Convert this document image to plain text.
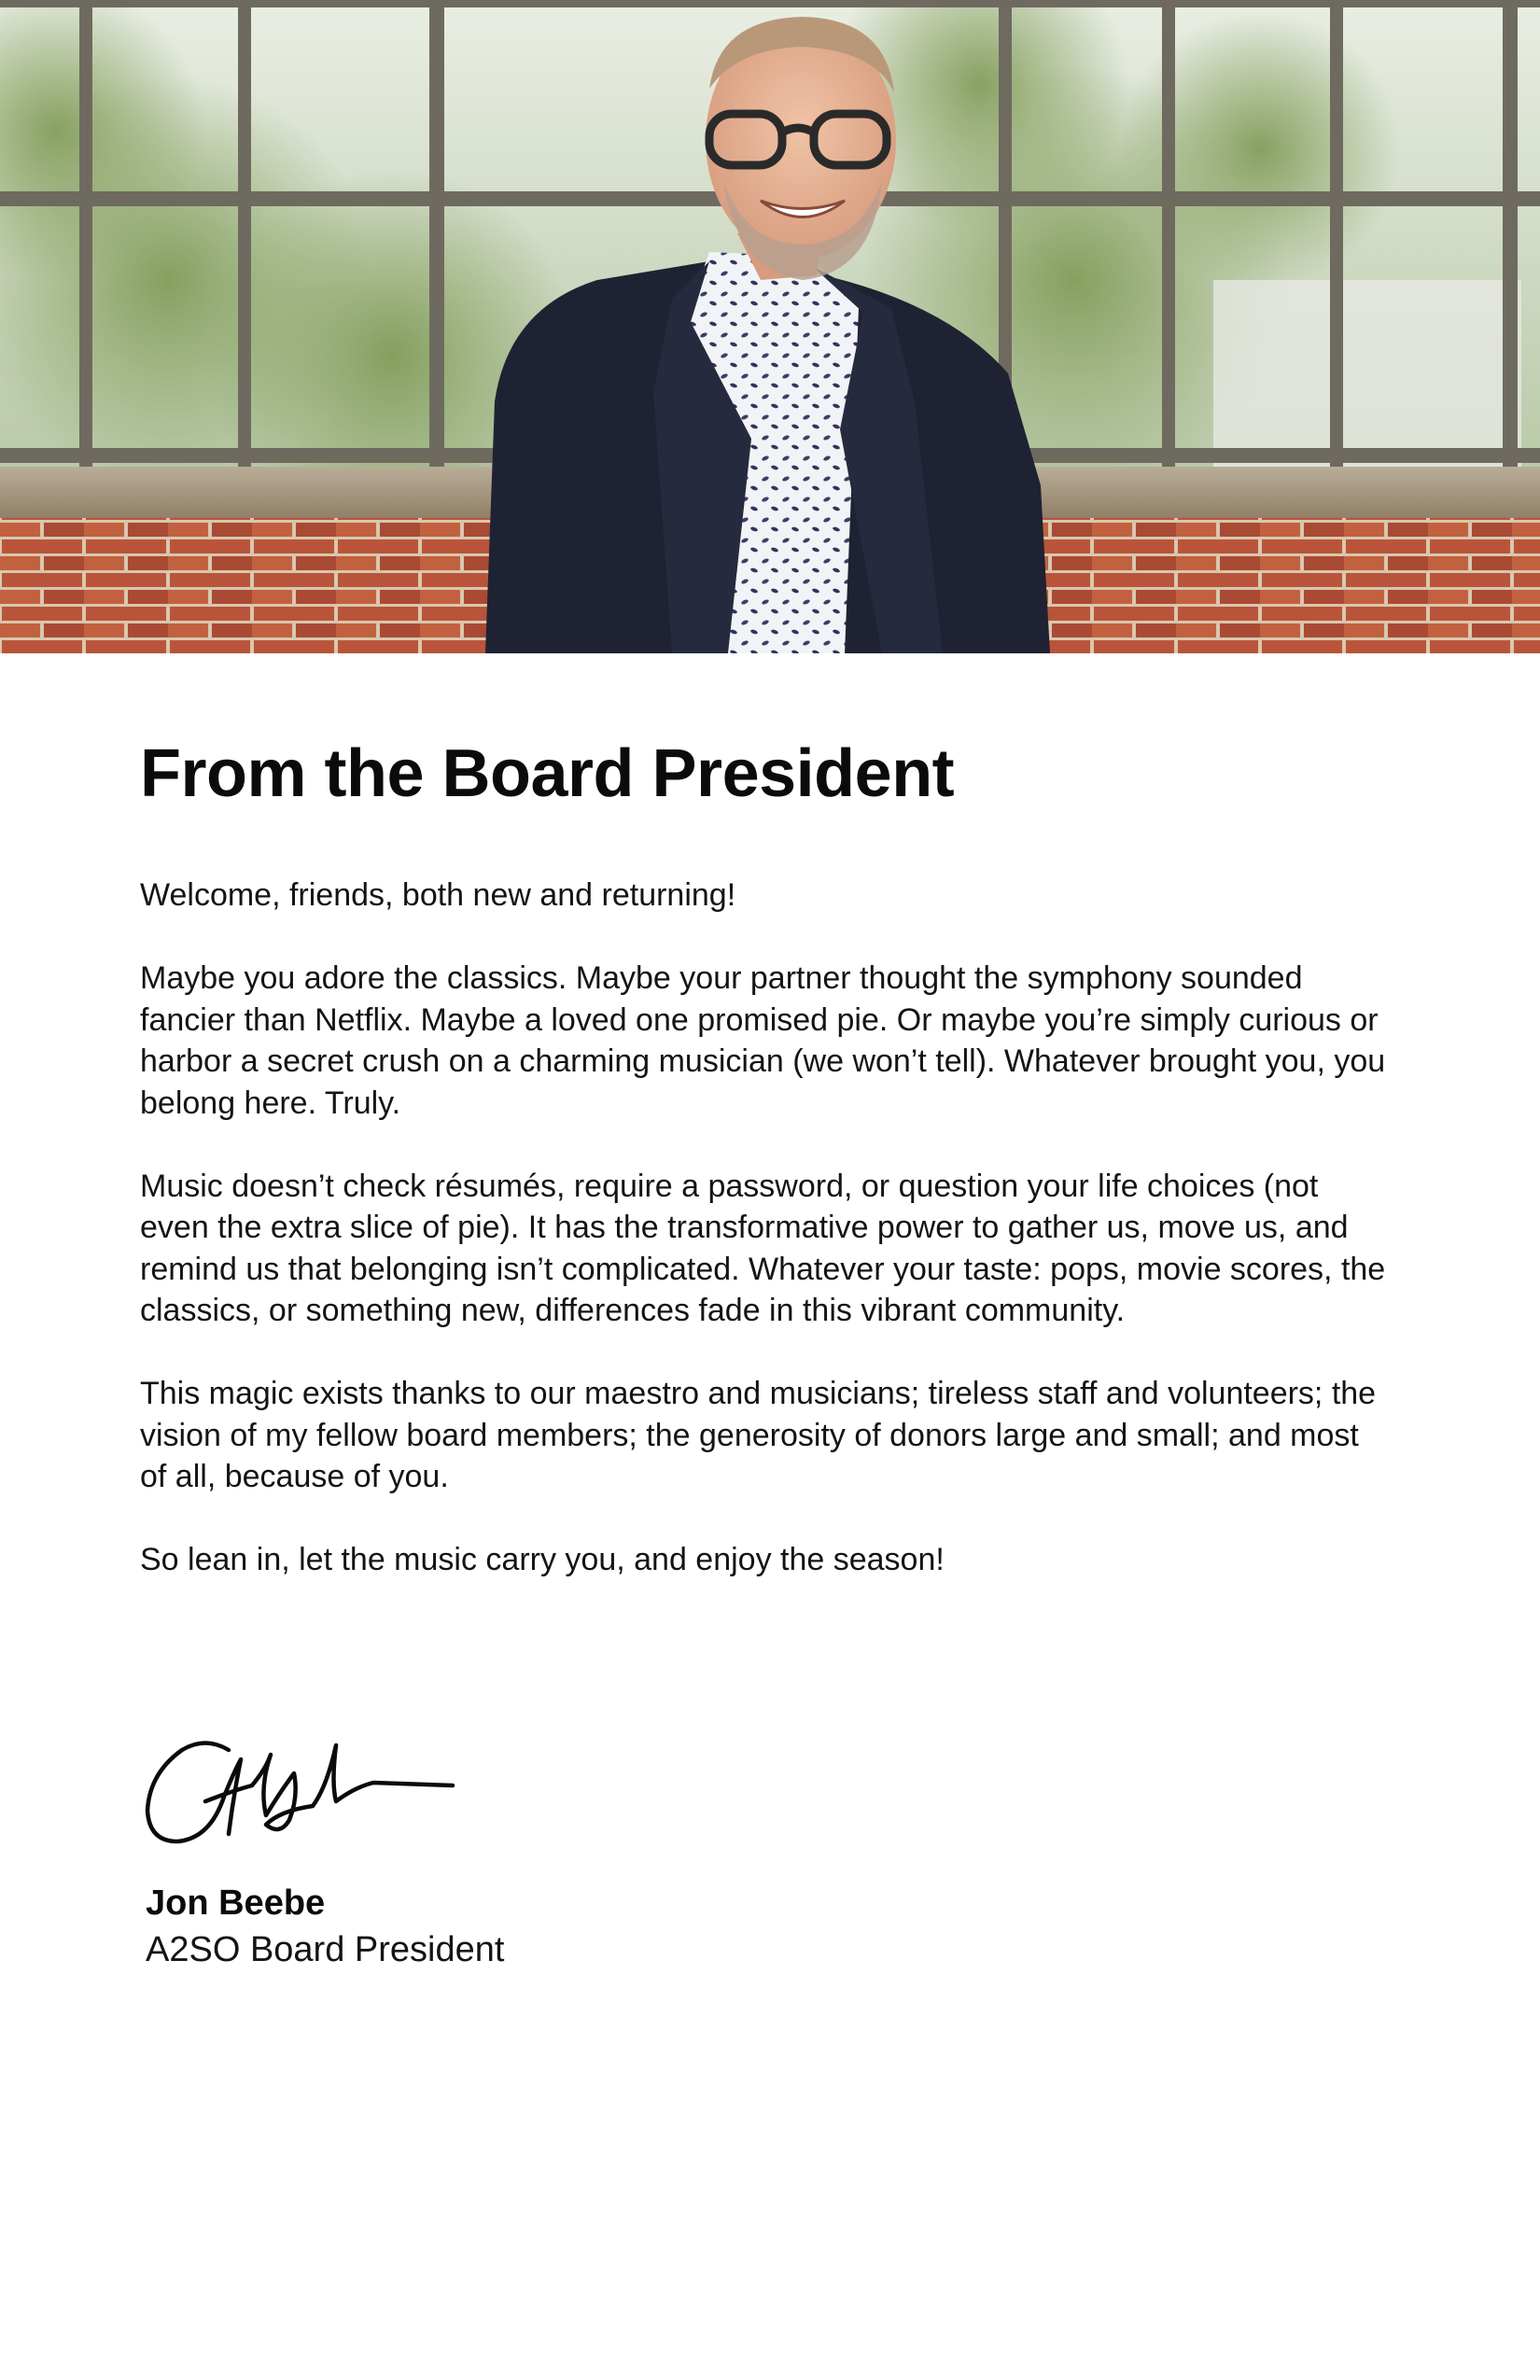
From the Board President

Welcome, friends, both new and returning!

Maybe you adore the classics. Maybe your partner thought the symphony sounded fancier than Netflix. Maybe a loved one promised pie. Or maybe you’re simply curious or harbor a secret crush on a charming musician (we won’t tell). Whatever brought you, you belong here. Truly.

Music doesn’t check résumés, require a password, or question your life choices (not even the extra slice of pie). It has the transformative power to gather us, move us, and remind us that belonging isn’t complicated. Whatever your taste: pops, movie scores, the classics, or something new, differences fade in this vibrant community.

This magic exists thanks to our maestro and musicians; tireless staff and volunteers; the vision of my fellow board members; the generosity of donors large and small; and most of all, because of you.

So lean in, let the music carry you, and enjoy the season!

Jon Beebe
A2SO Board President
